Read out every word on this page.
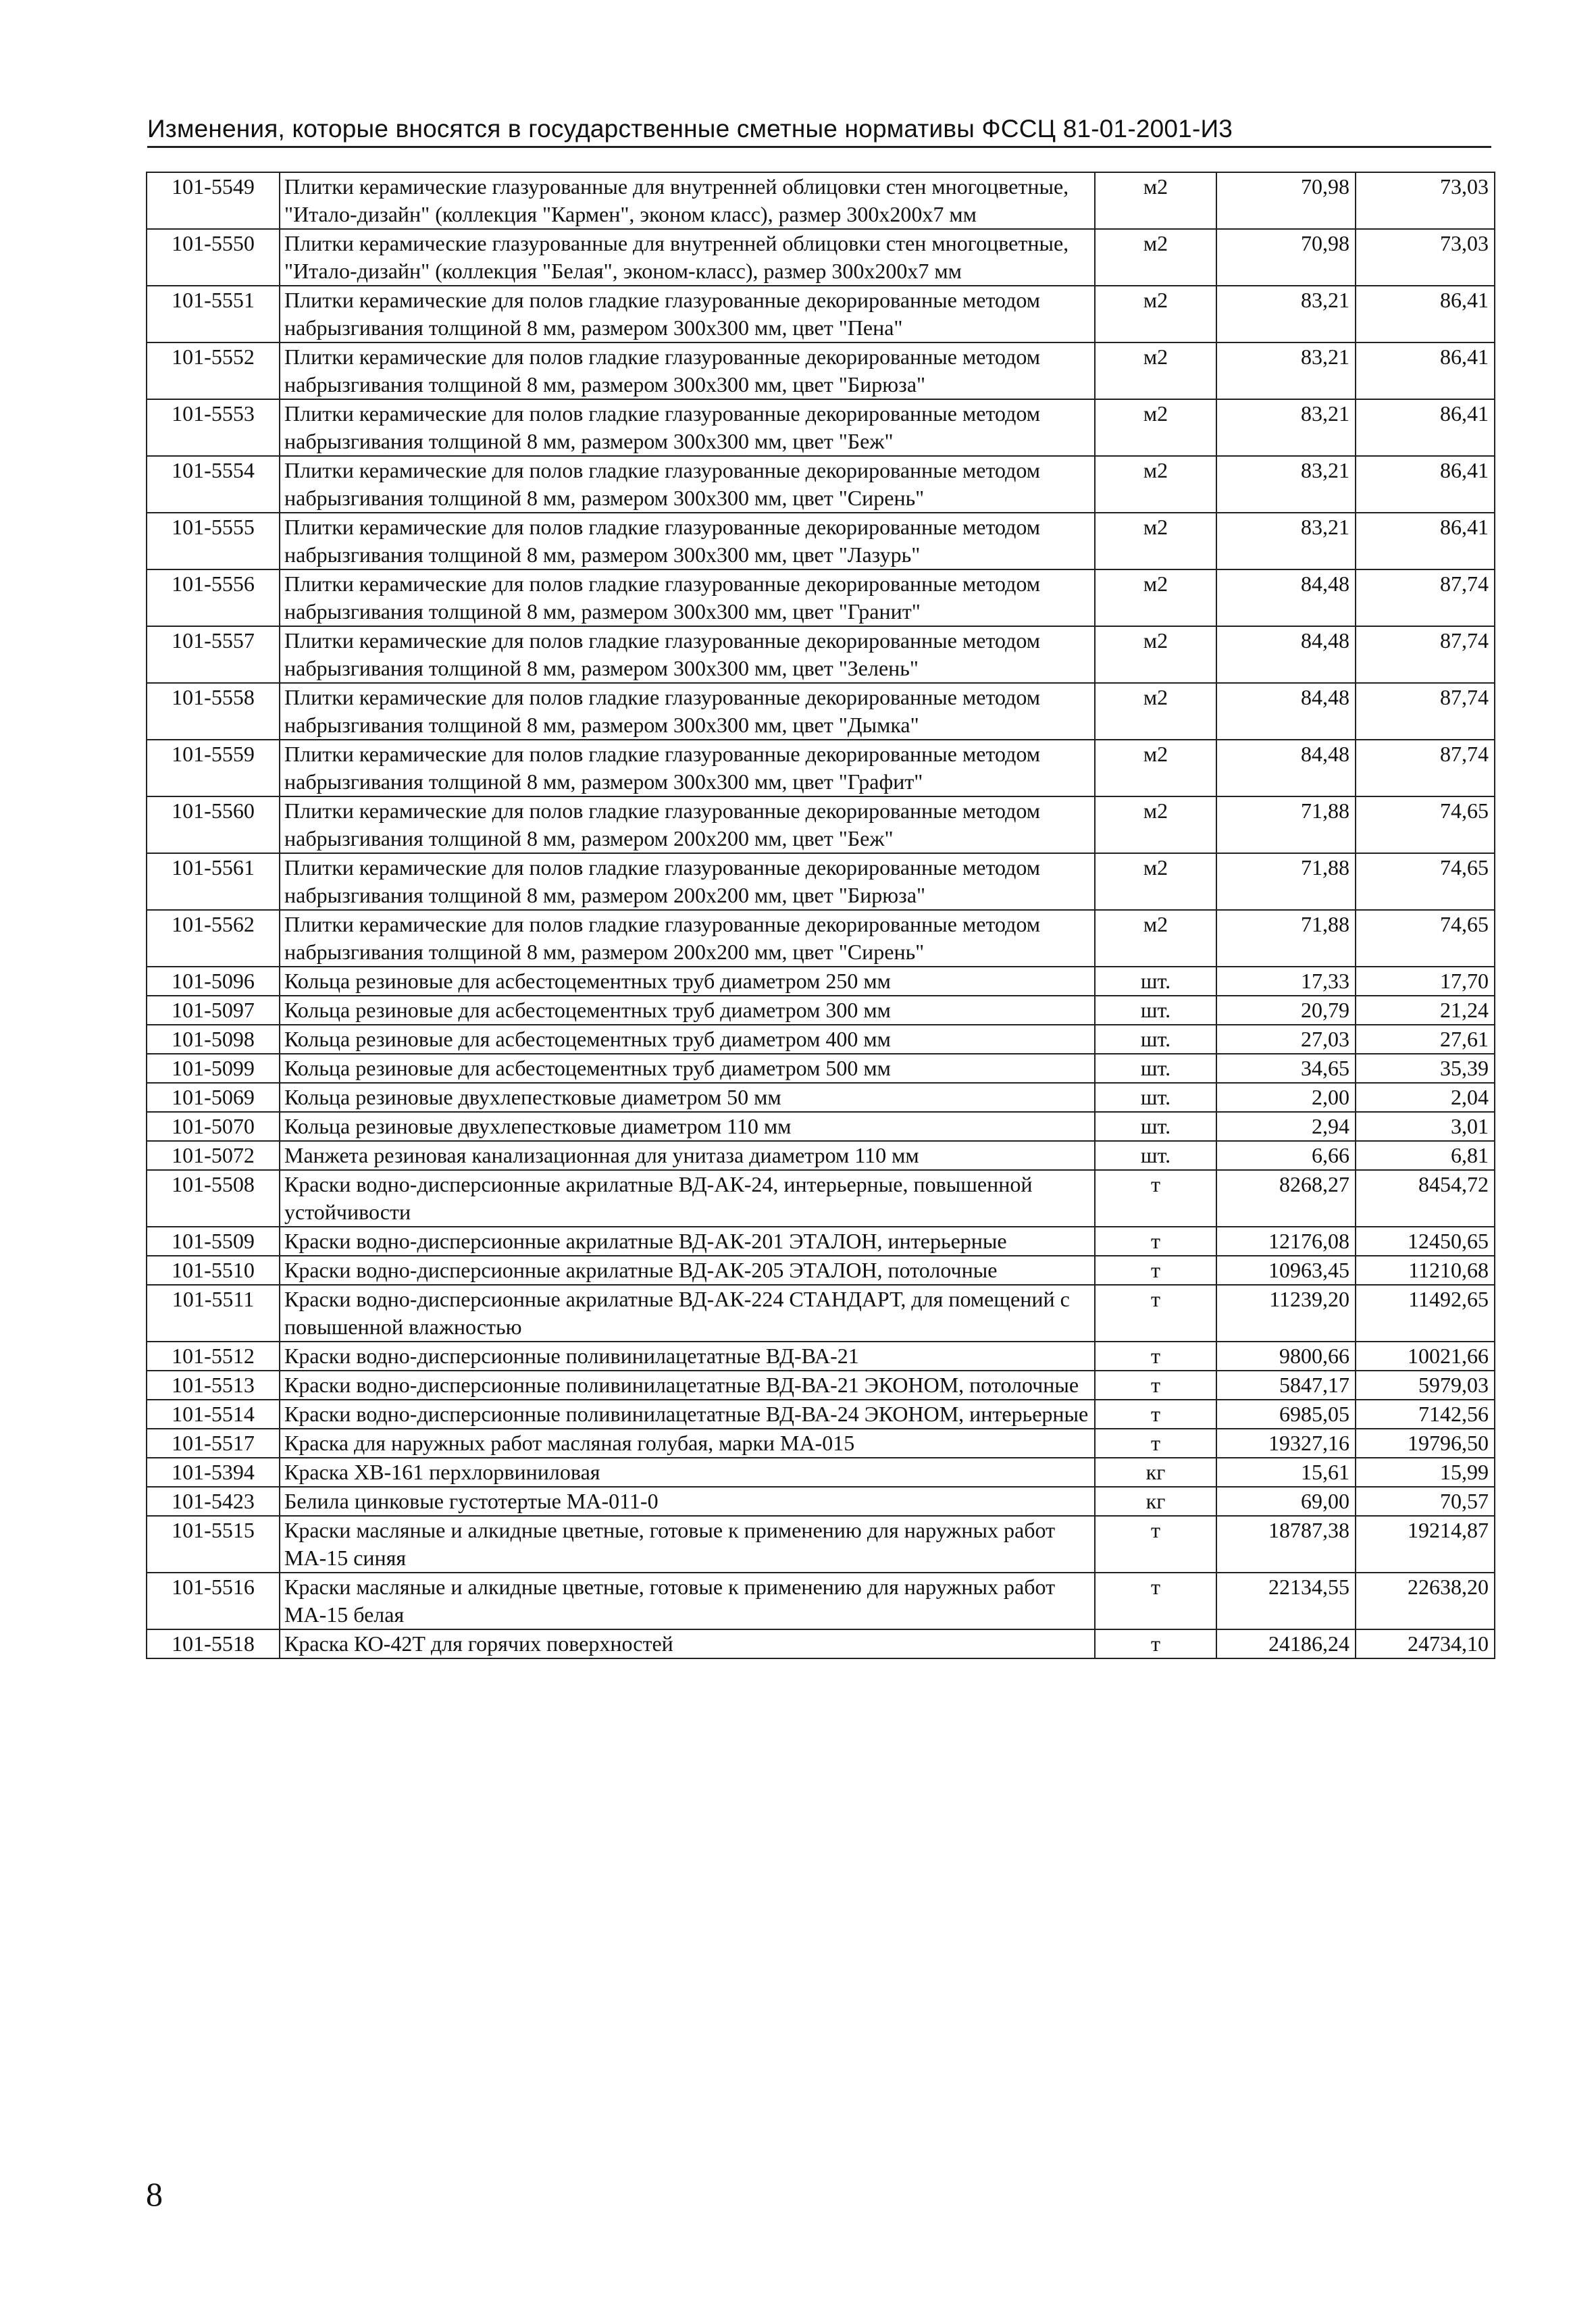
Изменения, которые вносятся в государственные сметные нормативы ФССЦ 81-01-2001-И3
101-5549	Плитки керамические глазурованные для внутренней облицовки стен многоцветные, "Итало-дизайн" (коллекция "Кармен", эконом класс), размер 300x200x7 мм	м2	70,98	73,03
101-5550	Плитки керамические глазурованные для внутренней облицовки стен многоцветные, "Итало-дизайн" (коллекция "Белая", эконом-класс), размер 300x200x7 мм	м2	70,98	73,03
101-5551	Плитки керамические для полов гладкие глазурованные декорированные методом набрызгивания толщиной 8 мм, размером 300x300 мм, цвет "Пена"	м2	83,21	86,41
101-5552	Плитки керамические для полов гладкие глазурованные декорированные методом набрызгивания толщиной 8 мм, размером 300x300 мм, цвет "Бирюза"	м2	83,21	86,41
101-5553	Плитки керамические для полов гладкие глазурованные декорированные методом набрызгивания толщиной 8 мм, размером 300x300 мм, цвет "Беж"	м2	83,21	86,41
101-5554	Плитки керамические для полов гладкие глазурованные декорированные методом набрызгивания толщиной 8 мм, размером 300x300 мм, цвет "Сирень"	м2	83,21	86,41
101-5555	Плитки керамические для полов гладкие глазурованные декорированные методом набрызгивания толщиной 8 мм, размером 300x300 мм, цвет "Лазурь"	м2	83,21	86,41
101-5556	Плитки керамические для полов гладкие глазурованные декорированные методом набрызгивания толщиной 8 мм, размером 300x300 мм, цвет "Гранит"	м2	84,48	87,74
101-5557	Плитки керамические для полов гладкие глазурованные декорированные методом набрызгивания толщиной 8 мм, размером 300x300 мм, цвет "Зелень"	м2	84,48	87,74
101-5558	Плитки керамические для полов гладкие глазурованные декорированные методом набрызгивания толщиной 8 мм, размером 300x300 мм, цвет "Дымка"	м2	84,48	87,74
101-5559	Плитки керамические для полов гладкие глазурованные декорированные методом набрызгивания толщиной 8 мм, размером 300x300 мм, цвет "Графит"	м2	84,48	87,74
101-5560	Плитки керамические для полов гладкие глазурованные декорированные методом набрызгивания толщиной 8 мм, размером 200x200 мм, цвет "Беж"	м2	71,88	74,65
101-5561	Плитки керамические для полов гладкие глазурованные декорированные методом набрызгивания толщиной 8 мм, размером 200x200 мм, цвет "Бирюза"	м2	71,88	74,65
101-5562	Плитки керамические для полов гладкие глазурованные декорированные методом набрызгивания толщиной 8 мм, размером 200x200 мм, цвет "Сирень"	м2	71,88	74,65
101-5096	Кольца резиновые для асбестоцементных труб диаметром 250 мм	шт.	17,33	17,70
101-5097	Кольца резиновые для асбестоцементных труб диаметром 300 мм	шт.	20,79	21,24
101-5098	Кольца резиновые для асбестоцементных труб диаметром 400 мм	шт.	27,03	27,61
101-5099	Кольца резиновые для асбестоцементных труб диаметром 500 мм	шт.	34,65	35,39
101-5069	Кольца резиновые двухлепестковые диаметром 50 мм	шт.	2,00	2,04
101-5070	Кольца резиновые двухлепестковые диаметром 110 мм	шт.	2,94	3,01
101-5072	Манжета резиновая канализационная для унитаза диаметром 110 мм	шт.	6,66	6,81
101-5508	Краски водно-дисперсионные акрилатные ВД-АК-24, интерьерные, повышенной устойчивости	т	8268,27	8454,72
101-5509	Краски водно-дисперсионные акрилатные ВД-АК-201 ЭТАЛОН, интерьерные	т	12176,08	12450,65
101-5510	Краски водно-дисперсионные акрилатные ВД-АК-205 ЭТАЛОН, потолочные	т	10963,45	11210,68
101-5511	Краски водно-дисперсионные акрилатные ВД-АК-224 СТАНДАРТ, для помещений с повышенной влажностью	т	11239,20	11492,65
101-5512	Краски водно-дисперсионные поливинилацетатные ВД-ВА-21	т	9800,66	10021,66
101-5513	Краски водно-дисперсионные поливинилацетатные ВД-ВА-21 ЭКОНОМ, потолочные	т	5847,17	5979,03
101-5514	Краски водно-дисперсионные поливинилацетатные ВД-ВА-24 ЭКОНОМ, интерьерные	т	6985,05	7142,56
101-5517	Краска для наружных работ масляная голубая, марки МА-015	т	19327,16	19796,50
101-5394	Краска ХВ-161 перхлорвиниловая	кг	15,61	15,99
101-5423	Белила цинковые густотертые МА-011-0	кг	69,00	70,57
101-5515	Краски масляные и алкидные цветные, готовые к применению для наружных работ МА-15 синяя	т	18787,38	19214,87
101-5516	Краски масляные и алкидные цветные, готовые к применению для наружных работ МА-15 белая	т	22134,55	22638,20
101-5518	Краска КО-42Т для горячих поверхностей	т	24186,24	24734,10
8
